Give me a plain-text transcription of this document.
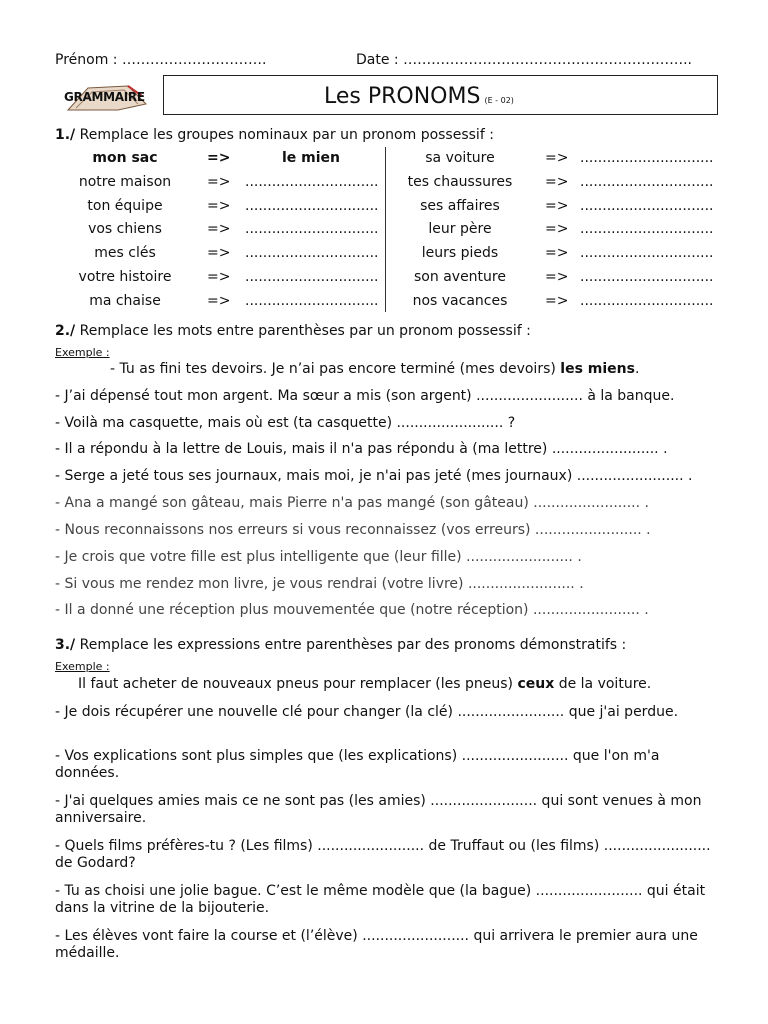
Prénom : ………………………….	Date : ……………………………………………………..
GRAMMAIRE	Les PRONOMS (E - 02)
1./ Remplace les groupes nominaux par un pronom possessif :
mon sac	=>	le mien	sa voiture	=> ..............................
notre maison	=> ..............................	tes chaussures	=> ..............................
ton équipe	=> ..............................	ses affaires	=> ..............................
vos chiens	=> ..............................	leur père	=> ..............................
mes clés	=> ..............................	leurs pieds	=> ..............................
votre histoire	=> ..............................	son aventure	=> ..............................
ma chaise	=> ..............................	nos vacances	=> ..............................
2./ Remplace les mots entre parenthèses par un pronom possessif :
Exemple :
- Tu as fini tes devoirs. Je n’ai pas encore terminé (mes devoirs) les miens.
- J’ai dépensé tout mon argent. Ma sœur a mis (son argent) ........................ à la banque.
- Voilà ma casquette, mais où est (ta casquette) ........................ ?
- Il a répondu à la lettre de Louis, mais il n'a pas répondu à (ma lettre) ........................ .
- Serge a jeté tous ses journaux, mais moi, je n'ai pas jeté (mes journaux) ........................ .
- Ana a mangé son gâteau, mais Pierre n'a pas mangé (son gâteau) ........................ .
- Nous reconnaissons nos erreurs si vous reconnaissez (vos erreurs) ........................ .
- Je crois que votre fille est plus intelligente que (leur fille) ........................ .
- Si vous me rendez mon livre, je vous rendrai (votre livre) ........................ .
- Il a donné une réception plus mouvementée que (notre réception) ........................ .
3./ Remplace les expressions entre parenthèses par des pronoms démonstratifs :
Exemple :
Il faut acheter de nouveaux pneus pour remplacer (les pneus) ceux de la voiture.
- Je dois récupérer une nouvelle clé pour changer (la clé) ........................ que j'ai perdue.
- Vos explications sont plus simples que (les explications) ........................ que l'on m'a données.
- J'ai quelques amies mais ce ne sont pas (les amies) ........................ qui sont venues à mon anniversaire.
- Quels films préfères-tu ? (Les films) ........................ de Truffaut ou (les films) ........................ de Godard?
- Tu as choisi une jolie bague. C’est le même modèle que (la bague) ........................ qui était dans la vitrine de la bijouterie.
- Les élèves vont faire la course et (l’élève) ........................ qui arrivera le premier aura une médaille.
